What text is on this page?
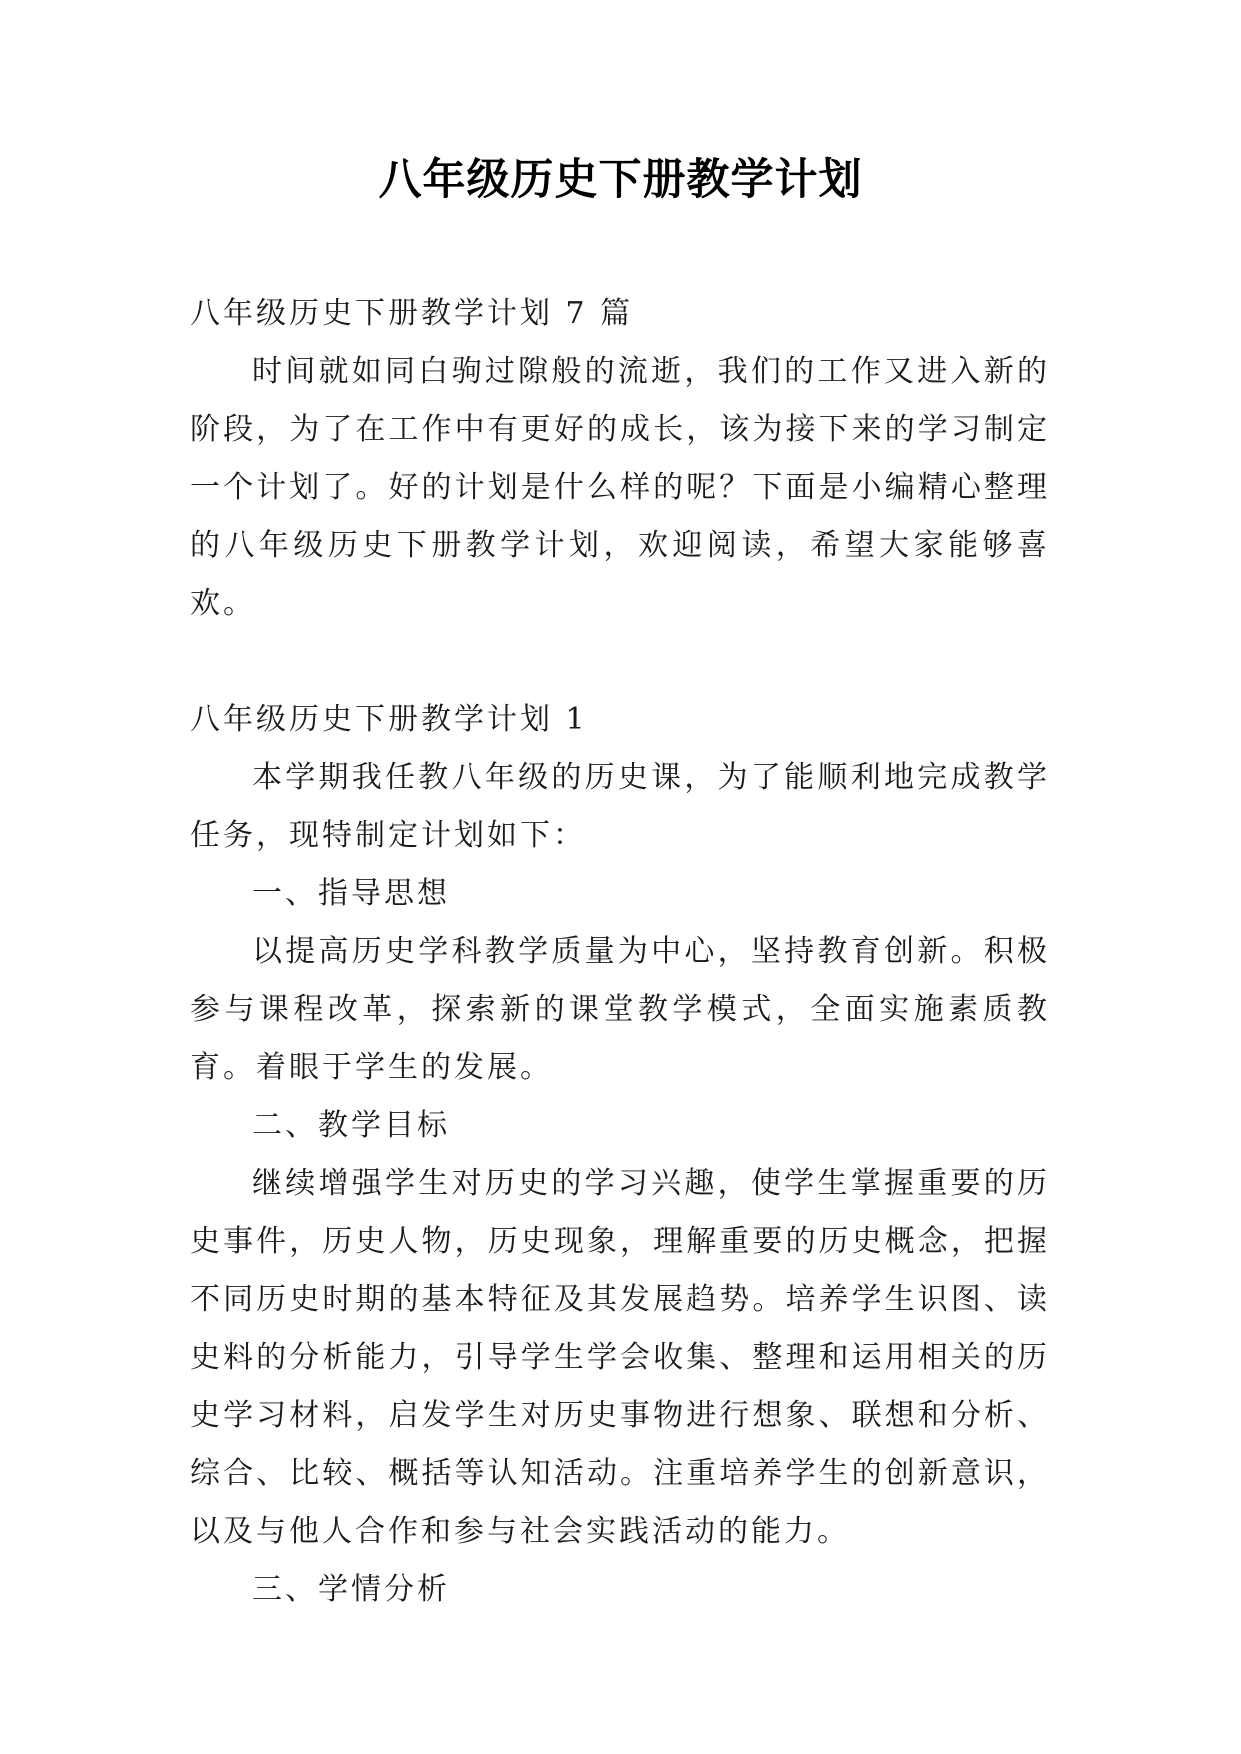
八年级历史下册教学计划

八年级历史下册教学计划 7 篇

时间就如同白驹过隙般的流逝，我们的工作又进入新的阶段，为了在工作中有更好的成长，该为接下来的学习制定一个计划了。好的计划是什么样的呢？下面是小编精心整理的八年级历史下册教学计划，欢迎阅读，希望大家能够喜欢。

八年级历史下册教学计划 1

本学期我任教八年级的历史课，为了能顺利地完成教学任务，现特制定计划如下：

一、指导思想

以提高历史学科教学质量为中心，坚持教育创新。积极参与课程改革，探索新的课堂教学模式，全面实施素质教育。着眼于学生的发展。

二、教学目标

继续增强学生对历史的学习兴趣，使学生掌握重要的历史事件，历史人物，历史现象，理解重要的历史概念，把握不同历史时期的基本特征及其发展趋势。培养学生识图、读史料的分析能力，引导学生学会收集、整理和运用相关的历史学习材料，启发学生对历史事物进行想象、联想和分析、综合、比较、概括等认知活动。注重培养学生的创新意识，以及与他人合作和参与社会实践活动的能力。

三、学情分析
